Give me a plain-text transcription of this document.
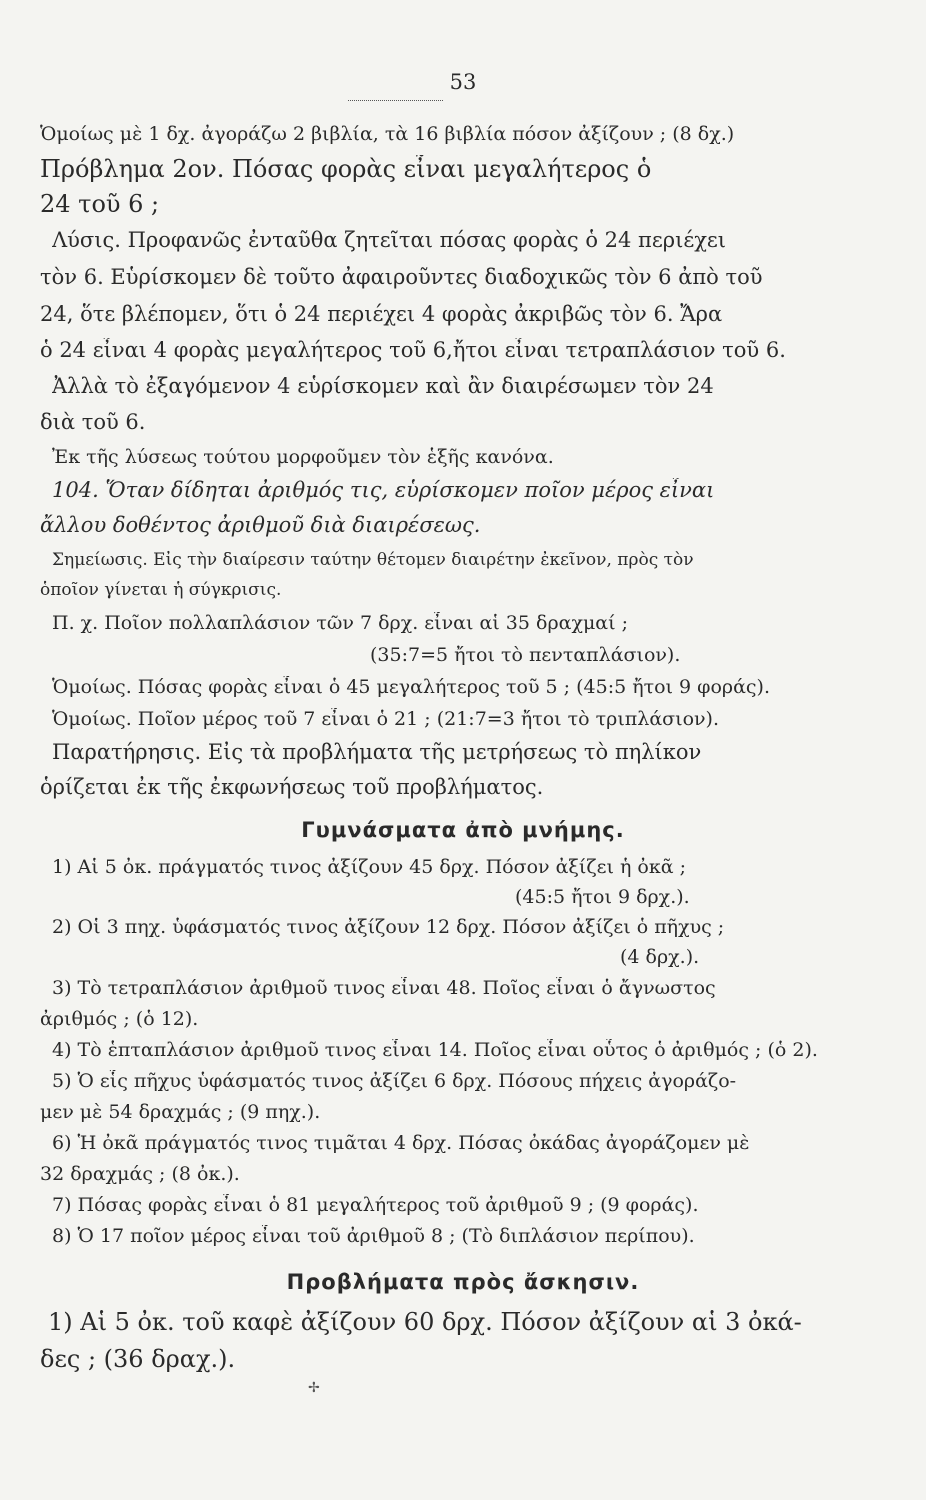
53
Ὁμοίως μὲ 1 δχ. ἀγοράζω 2 βιβλία, τὰ 16 βιβλία πόσον ἀξίζουν ; (8 δχ.)
Πρόβλημα 2ον. Πόσας φορὰς εἶναι μεγαλήτερος ὁ
24 τοῦ 6 ;
Λύσις. Προφανῶς ἐνταῦθα ζητεῖται πόσας φορὰς ὁ 24 περιέχει
τὸν 6. Εὑρίσκομεν δὲ τοῦτο ἀφαιροῦντες διαδοχικῶς τὸν 6 ἀπὸ τοῦ
24, ὅτε βλέπομεν, ὅτι ὁ 24 περιέχει 4 φορὰς ἀκριβῶς τὸν 6. Ἄρα
ὁ 24 εἶναι 4 φορὰς μεγαλήτερος τοῦ 6,ἤτοι εἶναι τετραπλάσιον τοῦ 6.
Ἀλλὰ τὸ ἐξαγόμενον 4 εὑρίσκομεν καὶ ἂν διαιρέσωμεν τὸν 24
διὰ τοῦ 6.
Ἐκ τῆς λύσεως τούτου μορφοῦμεν τὸν ἑξῆς κανόνα.
104. Ὅταν δίδηται ἀριθμός τις, εὑρίσκομεν ποῖον μέρος εἶναι
ἄλλου δοθέντος ἀριθμοῦ διὰ διαιρέσεως.
Σημείωσις. Εἰς τὴν διαίρεσιν ταύτην θέτομεν διαιρέτην ἐκεῖνον, πρὸς τὸν
ὁποῖον γίνεται ἡ σύγκρισις.
Π. χ. Ποῖον πολλαπλάσιον τῶν 7 δρχ. εἶναι αἱ 35 δραχμαί ;
(35:7=5 ἤτοι τὸ πενταπλάσιον).
Ὁμοίως. Πόσας φορὰς εἶναι ὁ 45 μεγαλήτερος τοῦ 5 ; (45:5 ἤτοι 9 φοράς).
Ὁμοίως. Ποῖον μέρος τοῦ 7 εἶναι ὁ 21 ; (21:7=3 ἤτοι τὸ τριπλάσιον).
Παρατήρησις. Εἰς τὰ προβλήματα τῆς μετρήσεως τὸ πηλίκον
ὁρίζεται ἐκ τῆς ἐκφωνήσεως τοῦ προβλήματος.
Γυμνάσματα ἀπὸ μνήμης.
1) Αἱ 5 ὀκ. πράγματός τινος ἀξίζουν 45 δρχ. Πόσον ἀξίζει ἡ ὀκᾶ ;
(45:5 ἤτοι 9 δρχ.).
2) Οἱ 3 πηχ. ὑφάσματός τινος ἀξίζουν 12 δρχ. Πόσον ἀξίζει ὁ πῆχυς ;
(4 δρχ.).
3) Τὸ τετραπλάσιον ἀριθμοῦ τινος εἶναι 48. Ποῖος εἶναι ὁ ἄγνωστος
ἀριθμός ; (ὁ 12).
4) Τὸ ἑπταπλάσιον ἀριθμοῦ τινος εἶναι 14. Ποῖος εἶναι οὗτος ὁ ἀριθμός ; (ὁ 2).
5) Ὁ εἷς πῆχυς ὑφάσματός τινος ἀξίζει 6 δρχ. Πόσους πήχεις ἀγοράζο-
μεν μὲ 54 δραχμάς ; (9 πηχ.).
6) Ἡ ὀκᾶ πράγματός τινος τιμᾶται 4 δρχ. Πόσας ὀκάδας ἀγοράζομεν μὲ
32 δραχμάς ; (8 ὀκ.).
7) Πόσας φορὰς εἶναι ὁ 81 μεγαλήτερος τοῦ ἀριθμοῦ 9 ; (9 φοράς).
8) Ὁ 17 ποῖον μέρος εἶναι τοῦ ἀριθμοῦ 8 ; (Τὸ διπλάσιον περίπου).
Προβλήματα πρὸς ἄσκησιν.
1) Αἱ 5 ὀκ. τοῦ καφὲ ἀξίζουν 60 δρχ. Πόσον ἀξίζουν αἱ 3 ὀκά-
δες ; (36 δραχ.).
✢
